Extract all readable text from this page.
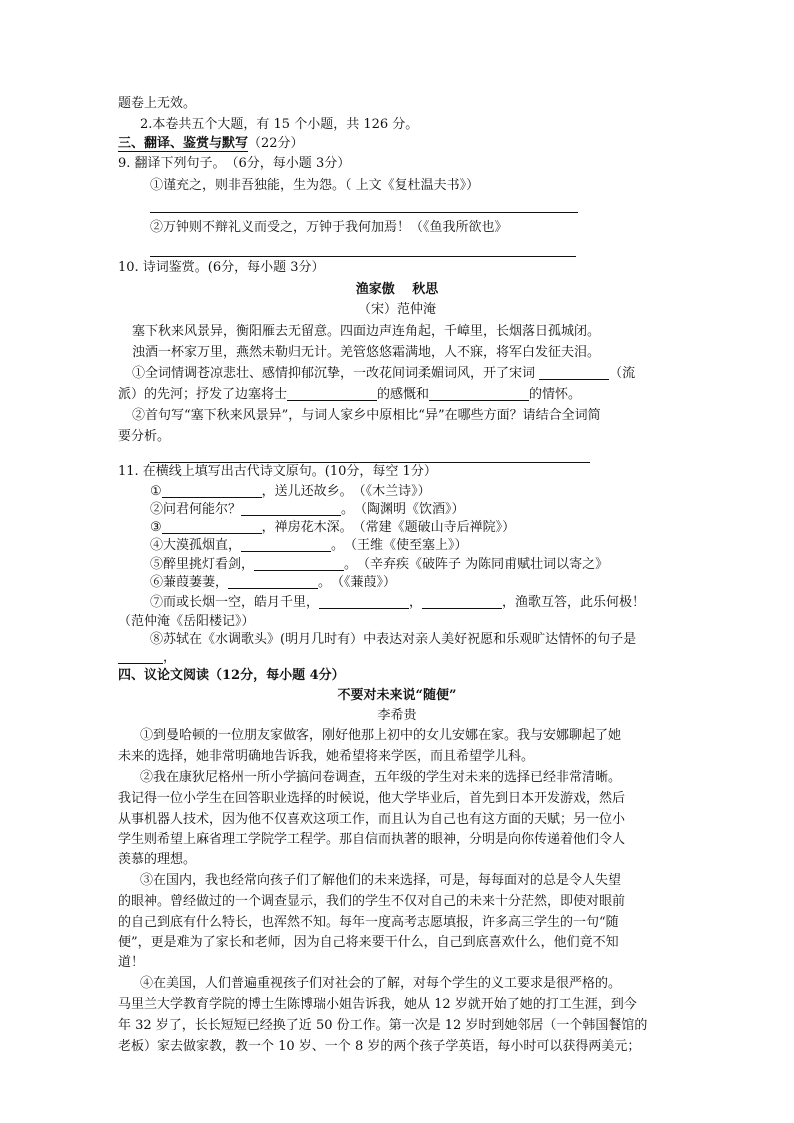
题卷上无效。
2.本卷共五个大题，有 15 个小题，共 126 分。
三、翻译、鉴赏与默写（22分）
9. 翻译下列句子。　（6分，每小题 3分）
①谨充之，则非吾独能，生为怨。（ 上文《复杜温夫书》）
②万钟则不辩礼义而受之，万钟于我何加焉！（《鱼我所欲也》
10. 诗词鉴赏。(6分，每小题 3分）
渔家傲　 秋思
（宋）范仲淹
塞下秋来风景异，衡阳雁去无留意。四面边声连角起，千嶂里，长烟落日孤城闭。
浊酒一杯家万里，燕然未勒归无计。羌管悠悠霜满地，人不寐，将军白发征夫泪。
①全词情调苍凉悲壮、感情抑郁沉挚，一改花间词柔媚词风，开了宋词	（流
派）的先河；抒发了边塞将士	的感慨和	的情怀。
②首句写“塞下秋来风景异”，与词人家乡中原相比“异”在哪些方面？请结合全词简
要分析。
11. 在横线上填写出古代诗文原句。(10分，每空 1分）
①	，送儿还故乡。　（《木兰诗》）
②问君何能尔？	。　（陶渊明《饮酒》）
③	，禅房花木深。　（常建《题破山寺后禅院》）
④大漠孤烟直，	。　（王维《使至塞上》）
⑤醉里挑灯看剑，	。　（辛弃疾《破阵子 为陈同甫赋壮词以寄之》
⑥蒹葭萋萋，	。　（《蒹葭》）
⑦而或长烟一空，皓月千里，	，	，渔歌互答，此乐何极！
（范仲淹《岳阳楼记》）
⑧苏轼在《水调歌头》(明月几时有）中表达对亲人美好祝愿和乐观旷达情怀的句子是
，
四、议论文阅读（12分，每小题 4分）
不要对未来说“随便”
李希贵
①到曼哈顿的一位朋友家做客，刚好他那上初中的女儿安娜在家。我与安娜聊起了她
未来的选择，她非常明确地告诉我，她希望将来学医，而且希望学儿科。
②我在康狄尼格州一所小学搞问卷调查，五年级的学生对未来的选择已经非常清晰。
我记得一位小学生在回答职业选择的时候说，他大学毕业后，首先到日本开发游戏，然后
从事机器人技术，因为他不仅喜欢这项工作，而且认为自己也有这方面的天赋；另一位小
学生则希望上麻省理工学院学工程学。那自信而执著的眼神，分明是向你传递着他们令人
羡慕的理想。
③在国内，我也经常向孩子们了解他们的未来选择，可是，每每面对的总是令人失望
的眼神。曾经做过的一个调查显示，我们的学生不仅对自己的未来十分茫然，即使对眼前
的自己到底有什么特长，也浑然不知。每年一度高考志愿填报，许多高三学生的一句“随
便”，更是难为了家长和老师，因为自己将来要干什么，自己到底喜欢什么，他们竟不知
道！
④在美国，人们普遍重视孩子们对社会的了解，对每个学生的义工要求是很严格的。
马里兰大学教育学院的博士生陈博瑞小姐告诉我，她从 12 岁就开始了她的打工生涯，到今
年 32 岁了，长长短短已经换了近 50 份工作。第一次是 12 岁时到她邻居（一个韩国餐馆的
老板）家去做家教，教一个 10 岁、一个 8 岁的两个孩子学英语，每小时可以获得两美元；
